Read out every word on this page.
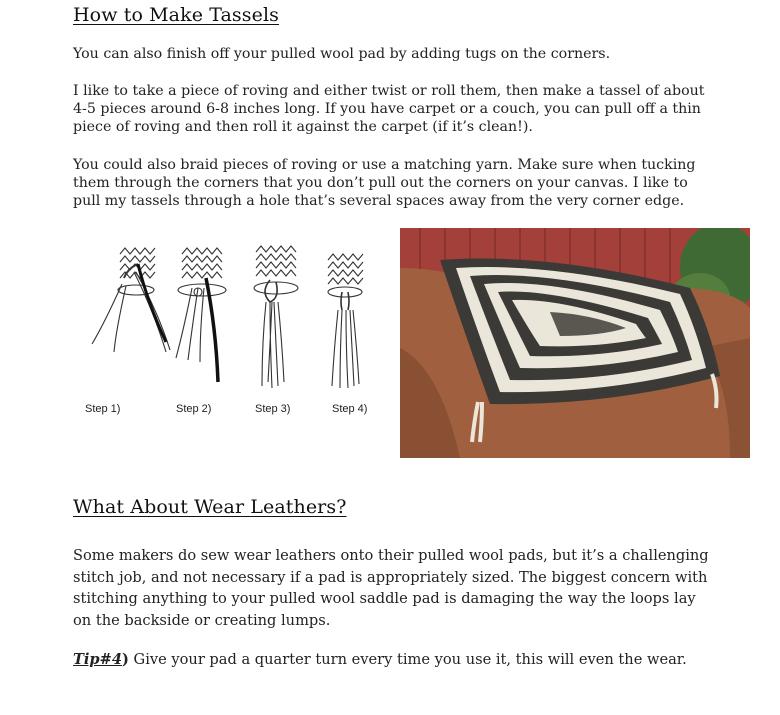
How to Make Tassels

You can also finish off your pulled wool pad by adding tugs on the corners.

I like to take a piece of roving and either twist or roll them, then make a tassel of about 4-5 pieces around 6-8 inches long. If you have carpet or a couch, you can pull off a thin piece of roving and then roll it against the carpet (if it’s clean!).

You could also braid pieces of roving or use a matching yarn. Make sure when tucking them through the corners that you don’t pull out the corners on your canvas. I like to pull my tassels through a hole that’s several spaces away from the very corner edge.

Step 1)	Step 2)	Step 3)	Step 4)
What About Wear Leathers?

Some makers do sew wear leathers onto their pulled wool pads, but it’s a challenging stitch job, and not necessary if a pad is appropriately sized. The biggest concern with stitching anything to your pulled wool saddle pad is damaging the way the loops lay on the backside or creating lumps.

Tip#4) Give your pad a quarter turn every time you use it, this will even the wear.
